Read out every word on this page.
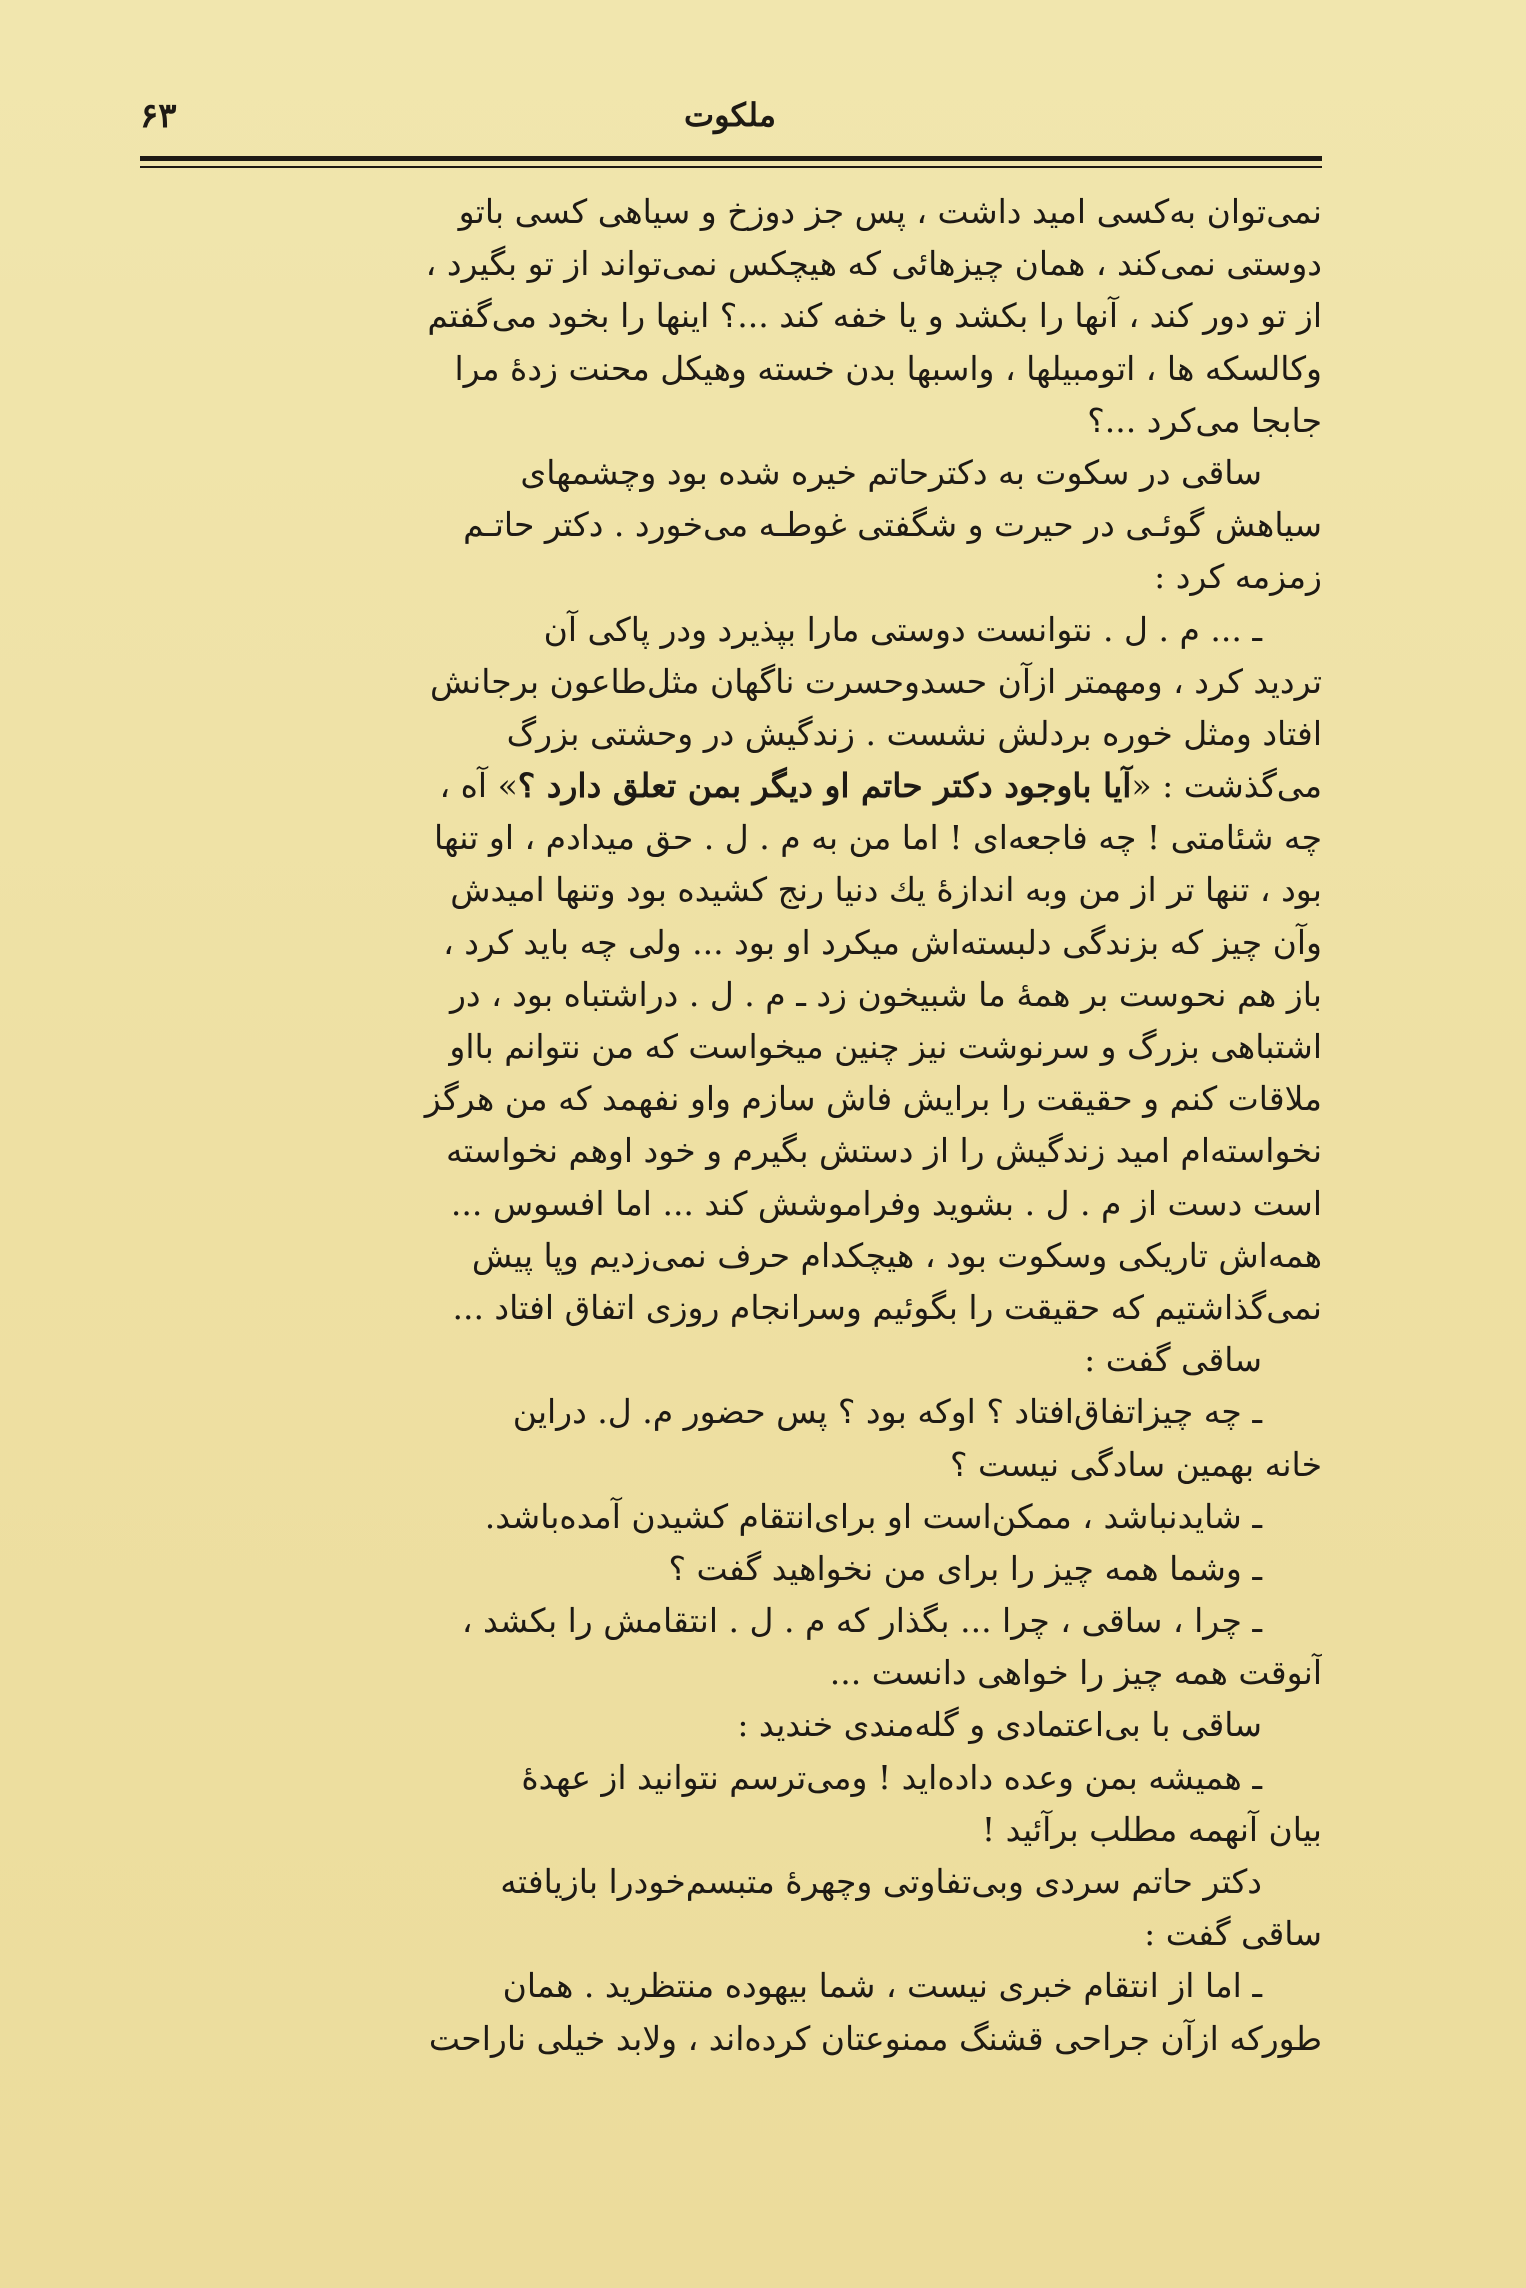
۶۳	ملکوت
نمی‌توان به‌کسی امید داشت ، پس جز دوزخ و سیاهی کسی باتو
دوستی نمی‌کند ، همان چیزهائی که هیچکس نمی‌تواند از تو بگیرد ،
از تو دور کند ، آنها را بکشد و یا خفه کند ...؟ اینها را بخود می‌گفتم
وکالسکه ها ، اتومبیلها ، واسبها بدن خسته وهیکل محنت زدهٔ مرا
جابجا می‌کرد ...؟
ساقی در سکوت به دکترحاتم خیره شده بود وچشمهای
سیاهش گوئـی در حیرت و شگفتی غوطـه می‌خورد . دکتر حاتـم
زمزمه کرد :
ـ ... م . ل . نتوانست دوستی مارا بپذیرد ودر پاکی آن
تردید کرد ، ومهمتر ازآن حسدوحسرت ناگهان مثل‌طاعون برجانش
افتاد ومثل خوره بردلش نشست . زندگیش در وحشتی بزرگ
می‌گذشت : «آیا باوجود دکتر حاتم او دیگر بمن تعلق دارد ؟» آه ،
چه شئامتی ! چه فاجعه‌ای ! اما من به م . ل . حق میدادم ، او تنها
بود ، تنها تر از من وبه اندازهٔ یك دنیا رنج کشیده بود وتنها امیدش
وآن چیز که بزندگی دلبسته‌اش میکرد او بود ... ولی چه باید کرد ،
باز هم نحوست بر همهٔ ما شبیخون زد ـ م . ل . دراشتباه بود ، در
اشتباهی بزرگ و سرنوشت نیز چنین میخواست که من نتوانم باا‌و
ملاقات کنم و حقیقت را برایش فاش سازم واو نفهمد که من هرگز
نخواسته‌ام امید زندگیش را از دستش بگیرم و خود اوهم نخواسته
است دست از م . ل . بشوید وفراموشش کند ... اما افسوس ...
همه‌اش تاریکی وسکوت بود ، هیچکدام حرف نمی‌زدیم وپا پیش
نمی‌گذاشتیم که حقیقت را بگوئیم وسرانجام روزی اتفاق افتاد ...
ساقی گفت :
ـ چه چیزاتفاق‌افتاد ؟ اوکه بود ؟ پس حضور م. ل. دراین
خانه بهمین سادگی نیست ؟
ـ شایدنباشد ، ممکن‌است او برای‌انتقام کشیدن آمده‌باشد.
ـ وشما همه چیز را برای من نخواهید گفت ؟
ـ چرا ، ساقی ، چرا ... بگذار که م . ل . انتقامش را بکشد ،
آنوقت همه چیز را خواهی دانست ...
ساقی با بی‌اعتمادی و گله‌مندی خندید :
ـ همیشه بمن وعده داده‌اید ! ومی‌ترسم نتوانید از عهدهٔ
بیان آنهمه مطلب برآئید !
دکتر حاتم سردی وبی‌تفاوتی وچهرهٔ متبسم‌خودرا بازیافته
ساقی گفت :
ـ اما از انتقام خبری نیست ، شما بیهوده منتظرید . همان
طورکه ازآن جراحی قشنگ ممنوعتان کرده‌اند ، ولابد خیلی ناراحت
